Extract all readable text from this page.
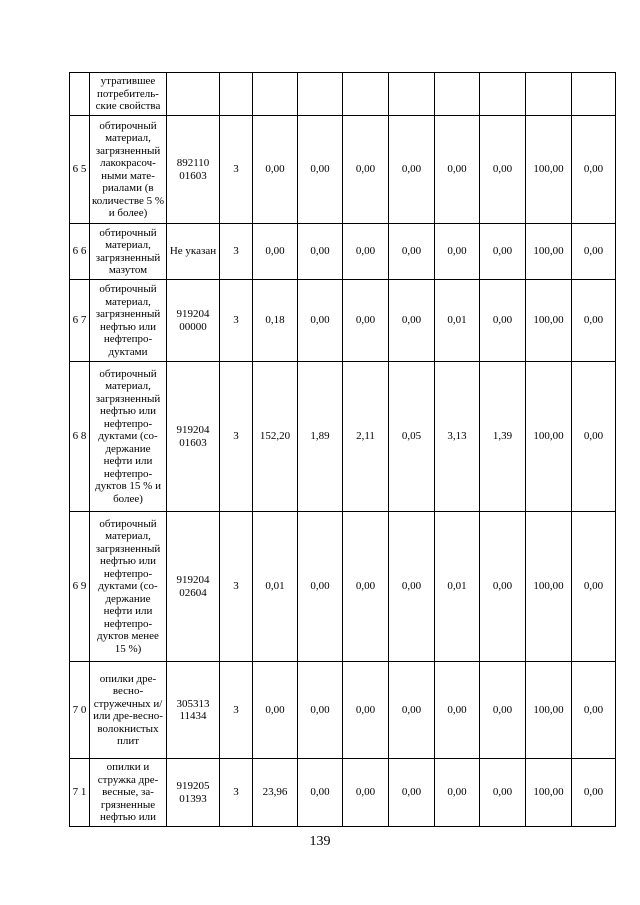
	утратившее потребитель-ские свойства										
6 5	обтирочный материал, загрязненный лакокрасоч-ными мате-риалами (в количестве 5 % и более)	892110 01603	3	0,00	0,00	0,00	0,00	0,00	0,00	100,00	0,00
6 6	обтирочный материал, загрязненный мазутом	Не указан	3	0,00	0,00	0,00	0,00	0,00	0,00	100,00	0,00
6 7	обтирочный материал, загрязненный нефтью или нефтепро-дуктами	919204 00000	3	0,18	0,00	0,00	0,00	0,01	0,00	100,00	0,00
6 8	обтирочный материал, загрязненный нефтью или нефтепро-дуктами (со-держание нефти или нефтепро-дуктов 15 % и более)	919204 01603	3	152,20	1,89	2,11	0,05	3,13	1,39	100,00	0,00
6 9	обтирочный материал, загрязненный нефтью или нефтепро-дуктами (со-держание нефти или нефтепро-дуктов менее 15 %)	919204 02604	3	0,01	0,00	0,00	0,00	0,01	0,00	100,00	0,00
7 0	опилки дре-весно-стружечных и/или дре-весно-волокнистых плит	305313 11434	3	0,00	0,00	0,00	0,00	0,00	0,00	100,00	0,00
7 1	опилки и стружка дре-весные, за-грязненные нефтью или	919205 01393	3	23,96	0,00	0,00	0,00	0,00	0,00	100,00	0,00
139
